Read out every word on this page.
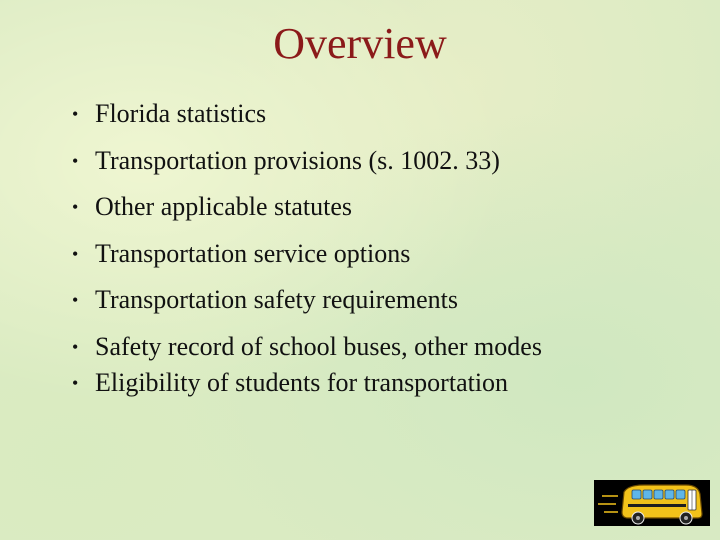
Overview
• Florida statistics
• Transportation provisions (s. 1002. 33)
• Other applicable statutes
• Transportation service options
• Transportation safety requirements
• Safety record of school buses, other modes
• Eligibility of students for transportation
